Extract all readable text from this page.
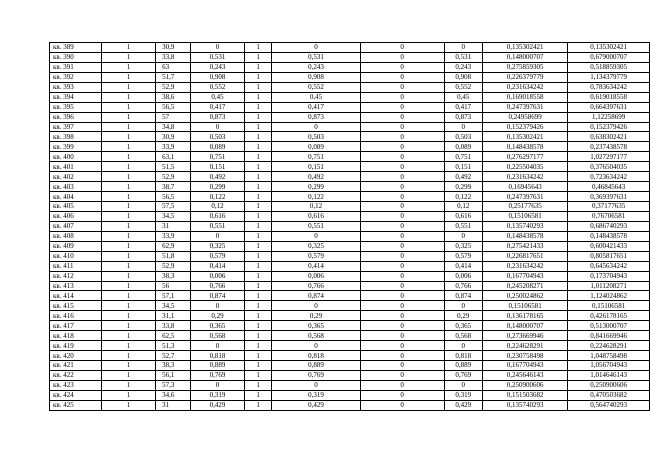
кв. 389	1	30,9	0	1	0	0	0	0,135302421	0,135302421
кв. 390	1	33,8	0,531	1	0,531	0	0,531	0,148000707	0,679000707
кв. 391	1	63	0,243	1	0,243	0	0,243	0,275859305	0,518859305
кв. 392	1	51,7	0,908	1	0,908	0	0,908	0,226379779	1,134379779
кв. 393	1	52,9	0,552	1	0,552	0	0,552	0,231634242	0,783634242
кв. 394	1	38,6	0,45	1	0,45	0	0,45	0,169018558	0,619018558
кв. 395	1	56,5	0,417	1	0,417	0	0,417	0,247397631	0,664397631
кв. 396	1	57	0,873	1	0,873	0	0,873	0,24958699	1,12258699
кв. 397	1	34,8	0	1	0	0	0	0,152379426	0,152379426
кв. 398	1	30,9	0,503	1	0,503	0	0,503	0,135302421	0,638302421
кв. 399	1	33,9	0,089	1	0,089	0	0,089	0,148438578	0,237438578
кв. 400	1	63,1	0,751	1	0,751	0	0,751	0,276297177	1,027297177
кв. 401	1	51,5	0,151	1	0,151	0	0,151	0,225504035	0,376504035
кв. 402	1	52,9	0,492	1	0,492	0	0,492	0,231634242	0,723634242
кв. 403	1	38,7	0,299	1	0,299	0	0,299	0,16945643	0,46845643
кв. 404	1	56,5	0,122	1	0,122	0	0,122	0,247397631	0,369397631
кв. 405	1	57,5	0,12	1	0,12	0	0,12	0,25177635	0,37177635
кв. 406	1	34,5	0,616	1	0,616	0	0,616	0,15106581	0,76706581
кв. 407	1	31	0,551	1	0,551	0	0,551	0,135740293	0,686740293
кв. 408	1	33,9	0	1	0	0	0	0,148438578	0,148438578
кв. 409	1	62,9	0,325	1	0,325	0	0,325	0,275421433	0,600421433
кв. 410	1	51,8	0,579	1	0,579	0	0,579	0,226817651	0,805817651
кв. 411	1	52,9	0,414	1	0,414	0	0,414	0,231634242	0,645634242
кв. 412	1	38,3	0,006	1	0,006	0	0,006	0,167704943	0,173704943
кв. 413	1	56	0,766	1	0,766	0	0,766	0,245208271	1,011208271
кв. 414	1	57,1	0,874	1	0,874	0	0,874	0,250024862	1,124024862
кв. 415	1	34,5	0	1	0	0	0	0,15106581	0,15106581
кв. 416	1	31,1	0,29	1	0,29	0	0,29	0,136178165	0,426178165
кв. 417	1	33,8	0,365	1	0,365	0	0,365	0,148000707	0,513000707
кв. 418	1	62,5	0,568	1	0,568	0	0,568	0,273669946	0,841669946
кв. 419	1	51,3	0	1	0	0	0	0,224628291	0,224628291
кв. 420	1	52,7	0,818	1	0,818	0	0,818	0,230758498	1,048758498
кв. 421	1	38,3	0,889	1	0,889	0	0,889	0,167704943	1,056704943
кв. 422	1	56,1	0,769	1	0,769	0	0,769	0,245646143	1,014646143
кв. 423	1	57,3	0	1	0	0	0	0,250900606	0,250900606
кв. 424	1	34,6	0,319	1	0,319	0	0,319	0,151503682	0,470503682
кв. 425	1	31	0,429	1	0,429	0	0,429	0,135740293	0,564740293
